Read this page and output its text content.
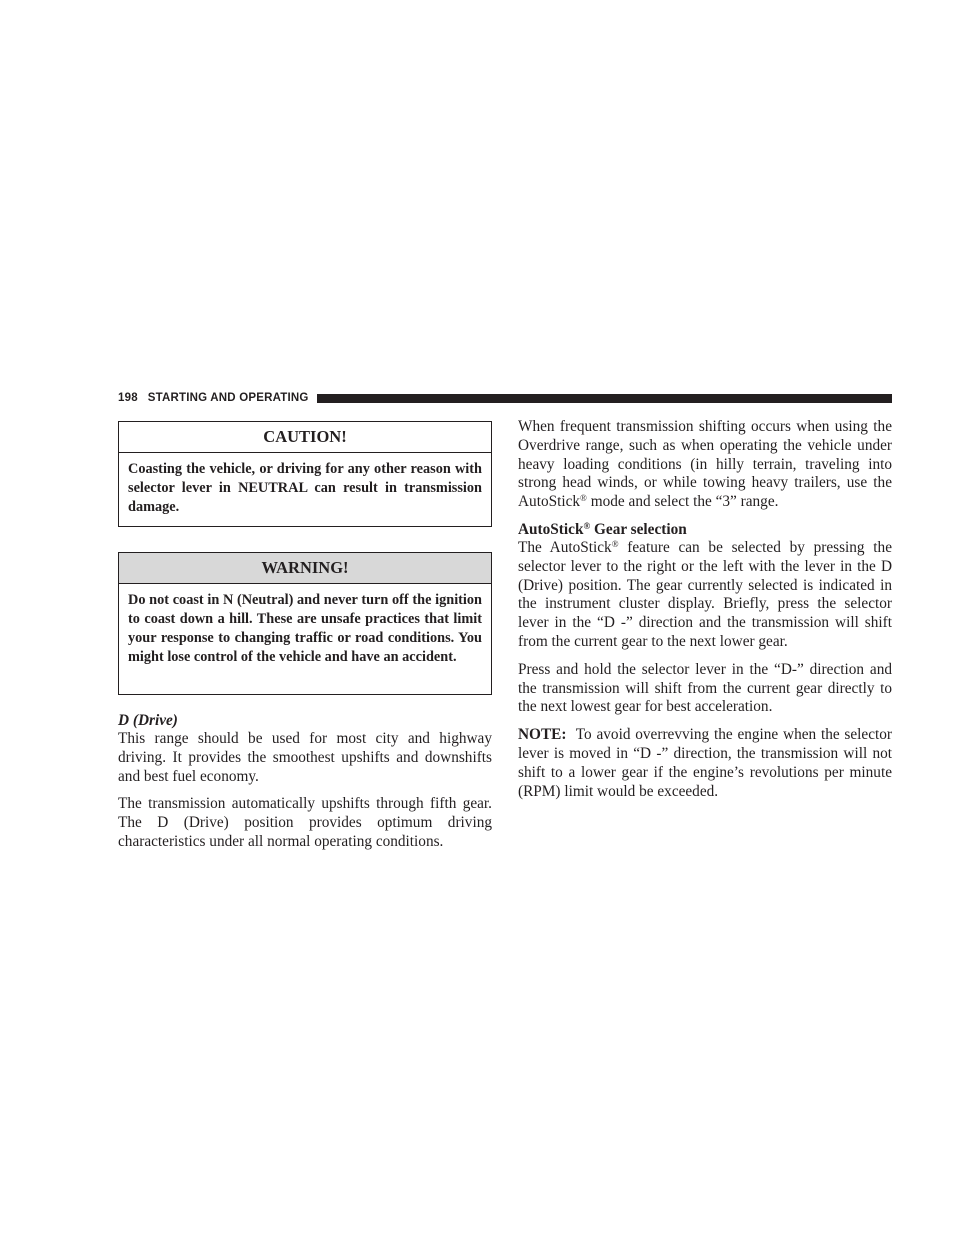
198 STARTING AND OPERATING
CAUTION!
Coasting the vehicle, or driving for any other reason with selector lever in NEUTRAL can result in transmission damage.
WARNING!
Do not coast in N (Neutral) and never turn off the ignition to coast down a hill. These are unsafe practices that limit your response to changing traffic or road conditions. You might lose control of the vehicle and have an accident.
D (Drive)

This range should be used for most city and highway driving. It provides the smoothest upshifts and downshifts and best fuel economy.

The transmission automatically upshifts through fifth gear. The D (Drive) position provides optimum driving characteristics under all normal operating conditions.

When frequent transmission shifting occurs when using the Overdrive range, such as when operating the vehicle under heavy loading conditions (in hilly terrain, traveling into strong head winds, or while towing heavy trailers, use the AutoStick® mode and select the “3” range.

AutoStick® Gear selection

The AutoStick® feature can be selected by pressing the selector lever to the right or the left with the lever in the D (Drive) position. The gear currently selected is indicated in the instrument cluster display. Briefly, press the selector lever in the “D -” direction and the transmission will shift from the current gear to the next lower gear.

Press and hold the selector lever in the “D-” direction and the transmission will shift from the current gear directly to the next lowest gear for best acceleration.

NOTE:  To avoid overrevving the engine when the selector lever is moved in “D -” direction, the transmission will not shift to a lower gear if the engine’s revolutions per minute (RPM) limit would be exceeded.
